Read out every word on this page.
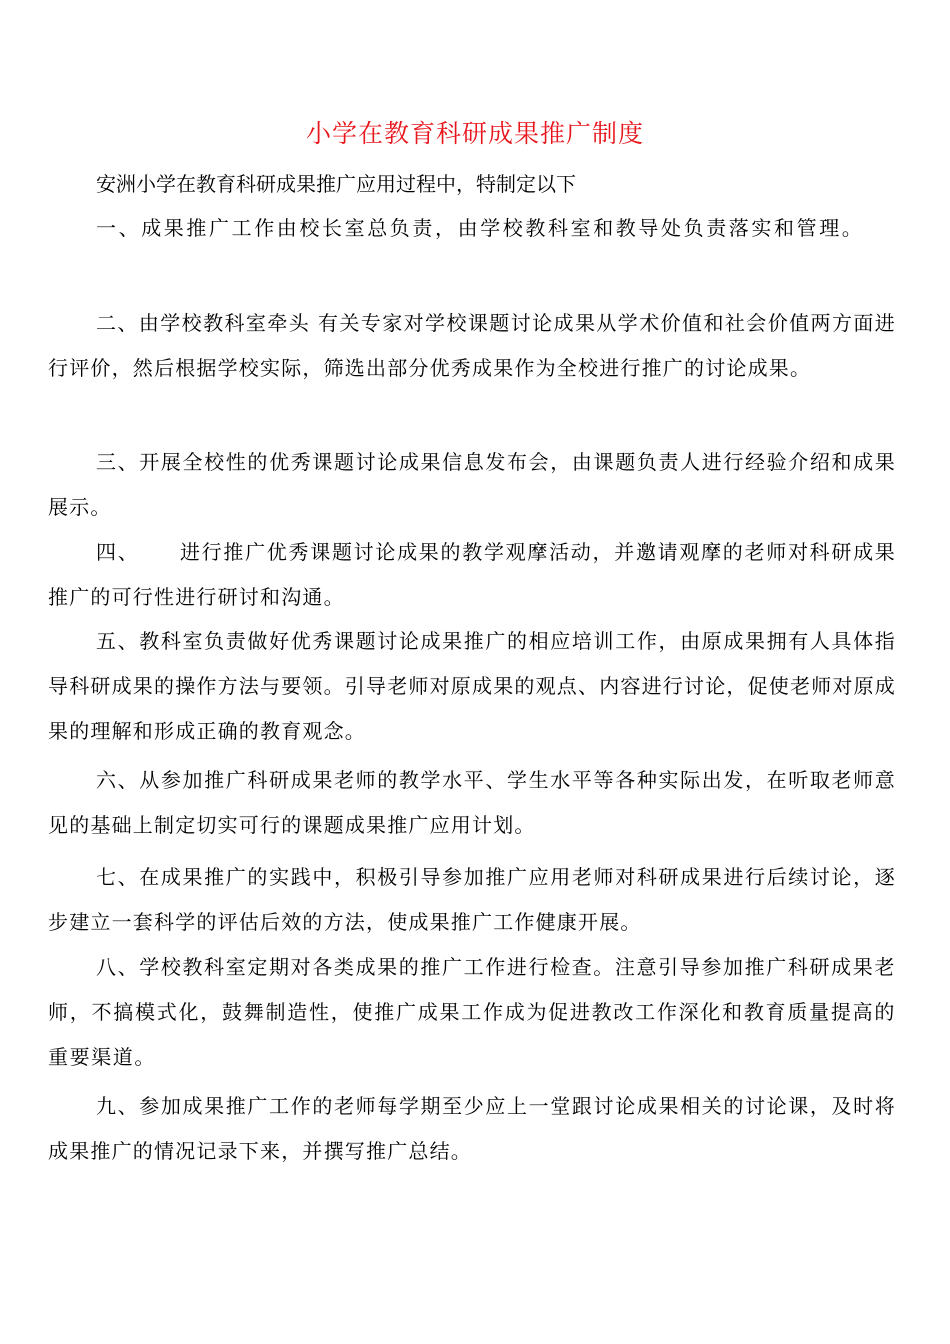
小学在教育科研成果推广制度

安洲小学在教育科研成果推广应用过程中，特制定以下

一、成果推广工作由校长室总负责，由学校教科室和教导处负责落实和管理。

二、由学校教科室牵头 有关专家对学校课题讨论成果从学术价值和社会价值两方面进行评价，然后根据学校实际，筛选出部分优秀成果作为全校进行推广的讨论成果。

三、开展全校性的优秀课题讨论成果信息发布会，由课题负责人进行经验介绍和成果展示。

四、 进行推广优秀课题讨论成果的教学观摩活动，并邀请观摩的老师对科研成果推广的可行性进行研讨和沟通。

五、教科室负责做好优秀课题讨论成果推广的相应培训工作，由原成果拥有人具体指导科研成果的操作方法与要领。引导老师对原成果的观点、内容进行讨论，促使老师对原成果的理解和形成正确的教育观念。

六、从参加推广科研成果老师的教学水平、学生水平等各种实际出发，在听取老师意见的基础上制定切实可行的课题成果推广应用计划。

七、在成果推广的实践中，积极引导参加推广应用老师对科研成果进行后续讨论，逐步建立一套科学的评估后效的方法，使成果推广工作健康开展。

八、学校教科室定期对各类成果的推广工作进行检查。注意引导参加推广科研成果老师，不搞模式化，鼓舞制造性，使推广成果工作成为促进教改工作深化和教育质量提高的重要渠道。

九、参加成果推广工作的老师每学期至少应上一堂跟讨论成果相关的讨论课，及时将成果推广的情况记录下来，并撰写推广总结。
